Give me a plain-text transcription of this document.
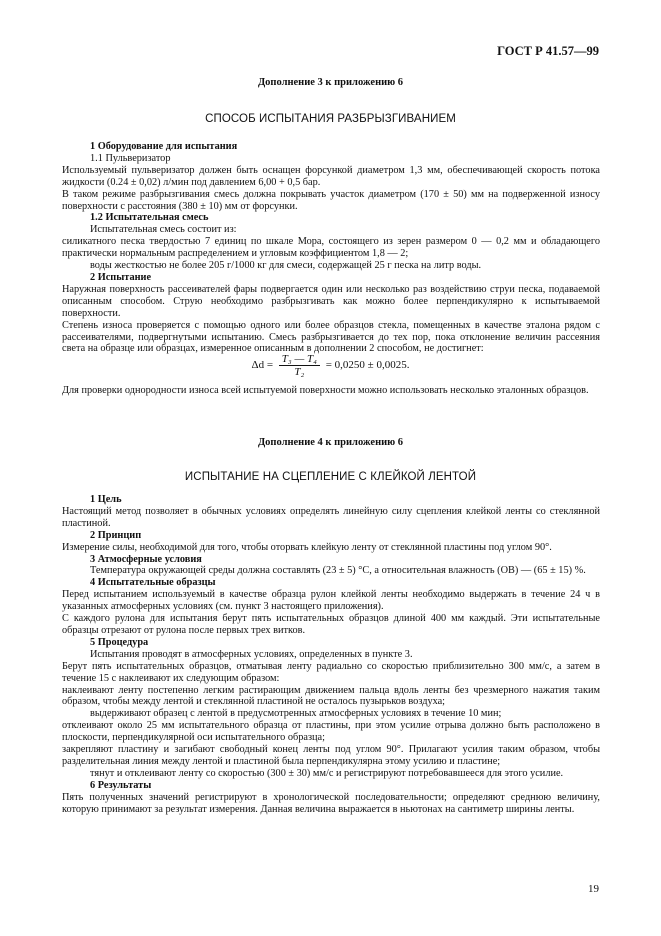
ГОСТ Р 41.57—99
Дополнение 3 к приложению 6
СПОСОБ ИСПЫТАНИЯ РАЗБРЫЗГИВАНИЕМ

1 Оборудование для испытания

1.1 Пульверизатор

Используемый пульверизатор должен быть оснащен форсункой диаметром 1,3 мм, обеспечивающей скорость потока жидкости (0.24 ± 0,02) л/мин под давлением 6,00 + 0,5 бар.

В таком режиме разбрызгивания смесь должна покрывать участок диаметром (170 ± 50) мм на подверженной износу поверхности с расстояния (380 ± 10) мм от форсунки.

1.2 Испытательная смесь

Испытательная смесь состоит из:

силикатного песка твердостью 7 единиц по шкале Мора, состоящего из зерен размером 0 — 0,2 мм и обладающего практически нормальным распределением и угловым коэффициентом 1,8 — 2;

воды жесткостью не более 205 г/1000 кг для смеси, содержащей 25 г песка на литр воды.

2 Испытание

Наружная поверхность рассеивателей фары подвергается один или несколько раз воздействию струи песка, подаваемой описанным способом. Струю необходимо разбрызгивать как можно более перпендикулярно к испытываемой поверхности.

Степень износа проверяется с помощью одного или более образцов стекла, помещенных в качестве эталона рядом с рассеивателями, подвергнутыми испытанию. Смесь разбрызгивается до тех пор, пока отклонение величин рассеяния света на образце или образцах, измеренное описанным в дополнении 2 способом, не достигнет:

$\Delta d = \frac{\text{T₃ — T₄}}{\text{T₂}} = 0,0250 \pm 0,0025$.

Для проверки однородности износа всей испытуемой поверхности можно использовать несколько эталонных образцов.

Дополнение 4 к приложению 6
ИСПЫТАНИЕ НА СЦЕПЛЕНИЕ С КЛЕЙКОЙ ЛЕНТОЙ

1 Цель

Настоящий метод позволяет в обычных условиях определять линейную силу сцепления клейкой ленты со стеклянной пластиной.

2 Принцип

Измерение силы, необходимой для того, чтобы оторвать клейкую ленту от стеклянной пластины под углом 90°.

3 Атмосферные условия

Температура окружающей среды должна составлять (23 ± 5) °С, а относительная влажность (ОВ) — (65 ± 15) %.

4 Испытательные образцы

Перед испытанием используемый в качестве образца рулон клейкой ленты необходимо выдержать в течение 24 ч в указанных атмосферных условиях (см. пункт 3 настоящего приложения).

С каждого рулона для испытания берут пять испытательных образцов длиной 400 мм каждый. Эти испытательные образцы отрезают от рулона после первых трех витков.

5 Процедура

Испытания проводят в атмосферных условиях, определенных в пункте 3.

Берут пять испытательных образцов, отматывая ленту радиально со скоростью приблизительно 300 мм/с, а затем в течение 15 с наклеивают их следующим образом:

наклеивают ленту постепенно легким растирающим движением пальца вдоль ленты без чрезмерного нажатия таким образом, чтобы между лентой и стеклянной пластиной не осталось пузырьков воздуха;

выдерживают образец с лентой в предусмотренных атмосферных условиях в течение 10 мин;

отклеивают около 25 мм испытательного образца от пластины, при этом усилие отрыва должно быть расположено в плоскости, перпендикулярной оси испытательного образца;

закрепляют пластину и загибают свободный конец ленты под углом 90°. Прилагают усилия таким образом, чтобы разделительная линия между лентой и пластиной была перпендикулярна этому усилию и пластине;

тянут и отклеивают ленту со скоростью (300 ± 30) мм/с и регистрируют потребовавшееся для этого усилие.

6 Результаты

Пять полученных значений регистрируют в хронологической последовательности; определяют среднюю величину, которую принимают за результат измерения. Данная величина выражается в ньютонах на сантиметр ширины ленты.

19
